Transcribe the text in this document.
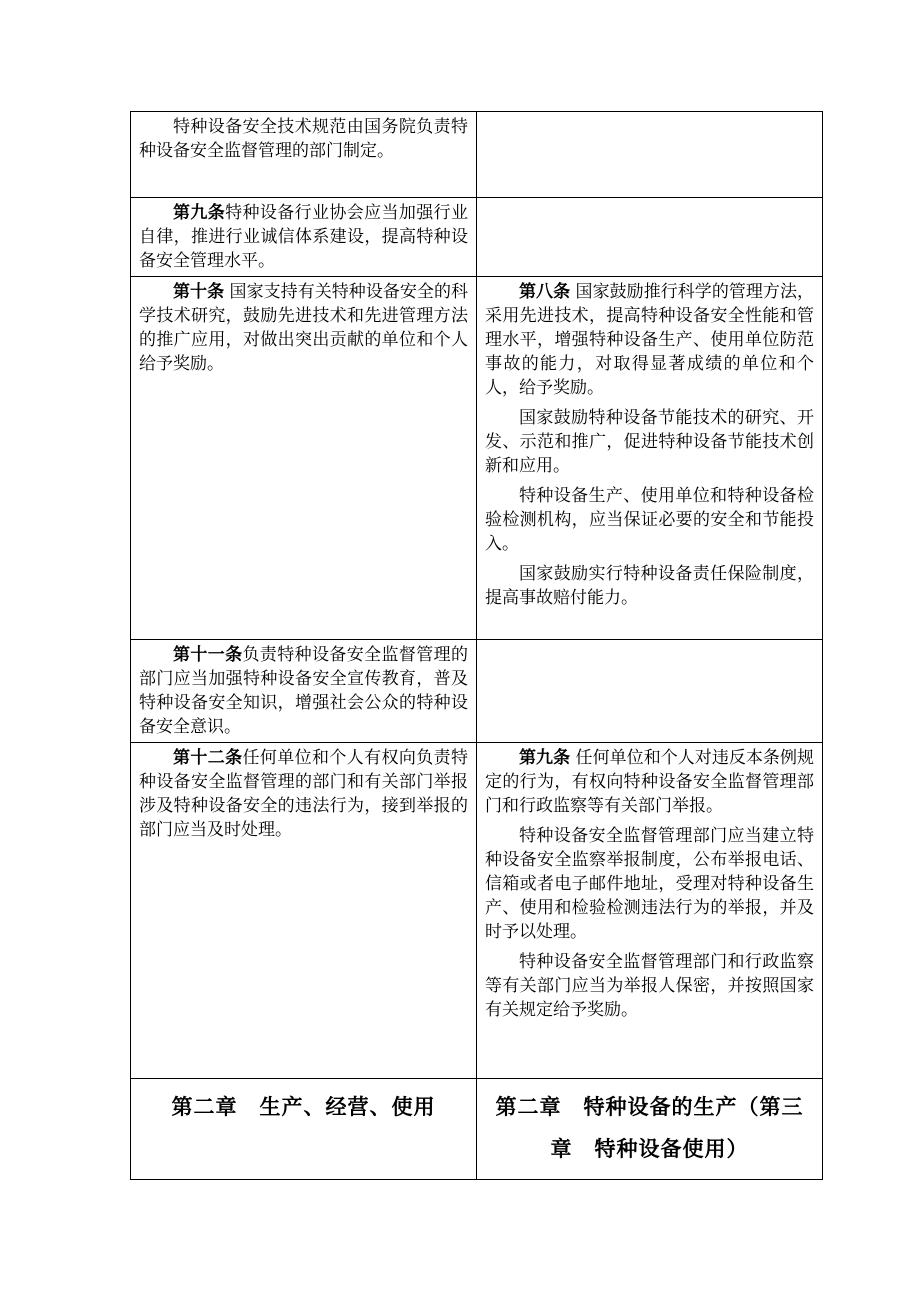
特种设备安全技术规范由国务院负责特种设备安全监督管理的部门制定。	

第九条特种设备行业协会应当加强行业自律，推进行业诚信体系建设，提高特种设备安全管理水平。	

第十条 国家支持有关特种设备安全的科学技术研究，鼓励先进技术和先进管理方法的推广应用，对做出突出贡献的单位和个人给予奖励。	第八条 国家鼓励推行科学的管理方法，采用先进技术，提高特种设备安全性能和管理水平，增强特种设备生产、使用单位防范事故的能力，对取得显著成绩的单位和个人，给予奖励。
国家鼓励特种设备节能技术的研究、开发、示范和推广，促进特种设备节能技术创新和应用。
特种设备生产、使用单位和特种设备检验检测机构，应当保证必要的安全和节能投入。
国家鼓励实行特种设备责任保险制度，提高事故赔付能力。

第十一条负责特种设备安全监督管理的部门应当加强特种设备安全宣传教育，普及特种设备安全知识，增强社会公众的特种设备安全意识。	

第十二条任何单位和个人有权向负责特种设备安全监督管理的部门和有关部门举报涉及特种设备安全的违法行为，接到举报的部门应当及时处理。	第九条 任何单位和个人对违反本条例规定的行为，有权向特种设备安全监督管理部门和行政监察等有关部门举报。
特种设备安全监督管理部门应当建立特种设备安全监察举报制度，公布举报电话、信箱或者电子邮件地址，受理对特种设备生产、使用和检验检测违法行为的举报，并及时予以处理。
特种设备安全监督管理部门和行政监察等有关部门应当为举报人保密，并按照国家有关规定给予奖励。

第二章　生产、经营、使用	第二章　特种设备的生产（第三章　特种设备使用）
